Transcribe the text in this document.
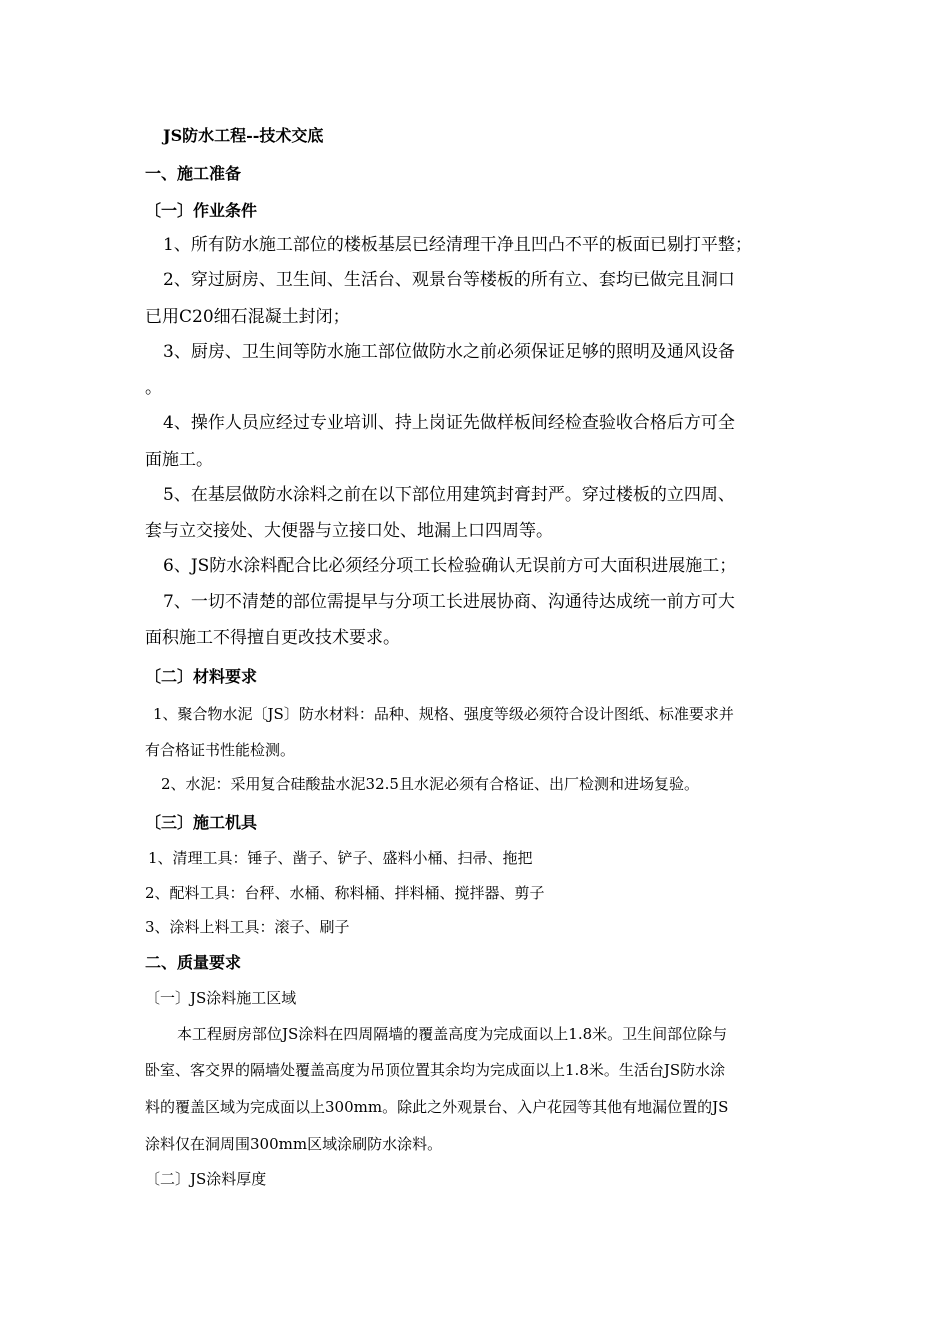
JS防水工程--技术交底
一、施工准备
〔一〕作业条件
1、所有防水施工部位的楼板基层已经清理干净且凹凸不平的板面已剔打平整；
2、穿过厨房、卫生间、生活台、观景台等楼板的所有立、套均已做完且洞口
已用C20细石混凝土封闭；
3、厨房、卫生间等防水施工部位做防水之前必须保证足够的照明及通风设备
。
4、操作人员应经过专业培训、持上岗证先做样板间经检查验收合格后方可全
面施工。
5、在基层做防水涂料之前在以下部位用建筑封膏封严。穿过楼板的立四周、
套与立交接处、大便器与立接口处、地漏上口四周等。
6、JS防水涂料配合比必须经分项工长检验确认无误前方可大面积进展施工；
7、一切不清楚的部位需提早与分项工长进展协商、沟通待达成统一前方可大
面积施工不得擅自更改技术要求。
〔二〕材料要求
1、聚合物水泥〔JS〕防水材料：品种、规格、强度等级必须符合设计图纸、标准要求并
有合格证书性能检测。
2、水泥：采用复合硅酸盐水泥32.5且水泥必须有合格证、出厂检测和进场复验。
〔三〕施工机具
1、清理工具：锤子、凿子、铲子、盛料小桶、扫帚、拖把
2、配料工具：台秤、水桶、称料桶、拌料桶、搅拌器、剪子
3、涂料上料工具：滚子、刷子
二、质量要求
〔一〕JS涂料施工区域
本工程厨房部位JS涂料在四周隔墙的覆盖高度为完成面以上1.8米。卫生间部位除与
卧室、客交界的隔墙处覆盖高度为吊顶位置其余均为完成面以上1.8米。生活台JS防水涂
料的覆盖区域为完成面以上300mm。除此之外观景台、入户花园等其他有地漏位置的JS
涂料仅在洞周围300mm区域涂刷防水涂料。
〔二〕JS涂料厚度
